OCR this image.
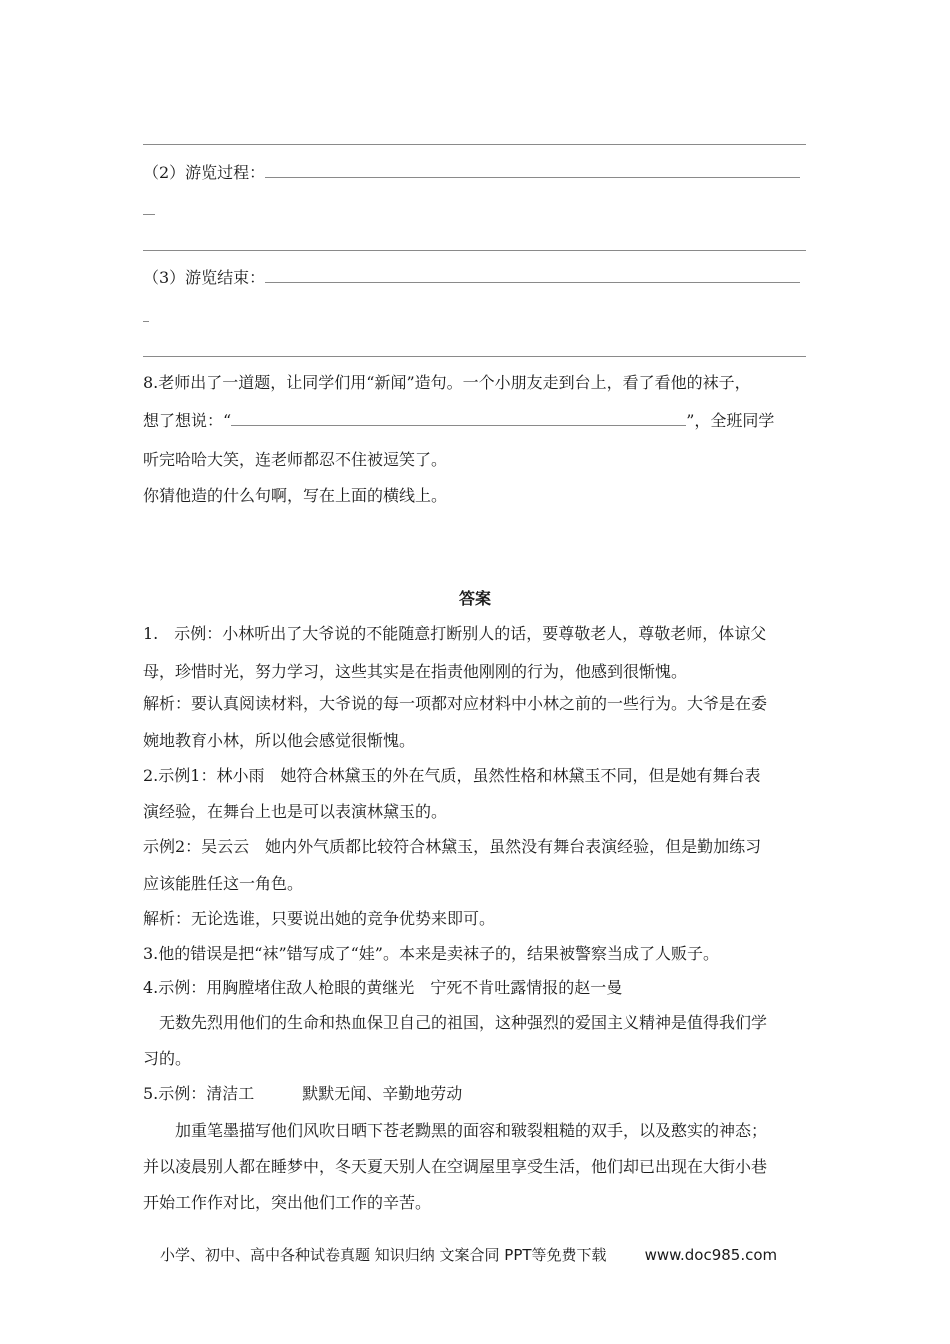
（2）游览过程：
（3）游览结束：
8.老师出了一道题，让同学们用“新闻”造句。一个小朋友走到台上，看了看他的袜子，
想了想说：“	”，全班同学
听完哈哈大笑，连老师都忍不住被逗笑了。
你猜他造的什么句啊，写在上面的横线上。
答案
1.　示例：小林听出了大爷说的不能随意打断别人的话，要尊敬老人，尊敬老师，体谅父
母，珍惜时光，努力学习，这些其实是在指责他刚刚的行为，他感到很惭愧。
解析：要认真阅读材料，大爷说的每一项都对应材料中小林之前的一些行为。大爷是在委
婉地教育小林，所以他会感觉很惭愧。
2.示例1：林小雨　她符合林黛玉的外在气质，虽然性格和林黛玉不同，但是她有舞台表
演经验，在舞台上也是可以表演林黛玉的。
示例2：吴云云　她内外气质都比较符合林黛玉，虽然没有舞台表演经验，但是勤加练习
应该能胜任这一角色。
解析：无论选谁，只要说出她的竞争优势来即可。
3.他的错误是把“袜”错写成了“娃”。本来是卖袜子的，结果被警察当成了人贩子。
4.示例：用胸膛堵住敌人枪眼的黄继光　宁死不肯吐露情报的赵一曼
　无数先烈用他们的生命和热血保卫自己的祖国，这种强烈的爱国主义精神是值得我们学
习的。
5.示例：清洁工　　　默默无闻、辛勤地劳动
　　加重笔墨描写他们风吹日晒下苍老黝黑的面容和皲裂粗糙的双手，以及憨实的神态；
并以凌晨别人都在睡梦中，冬天夏天别人在空调屋里享受生活，他们却已出现在大街小巷
开始工作作对比，突出他们工作的辛苦。
小学、初中、高中各种试卷真题 知识归纳 文案合同 PPT等免费下载	www.doc985.com
